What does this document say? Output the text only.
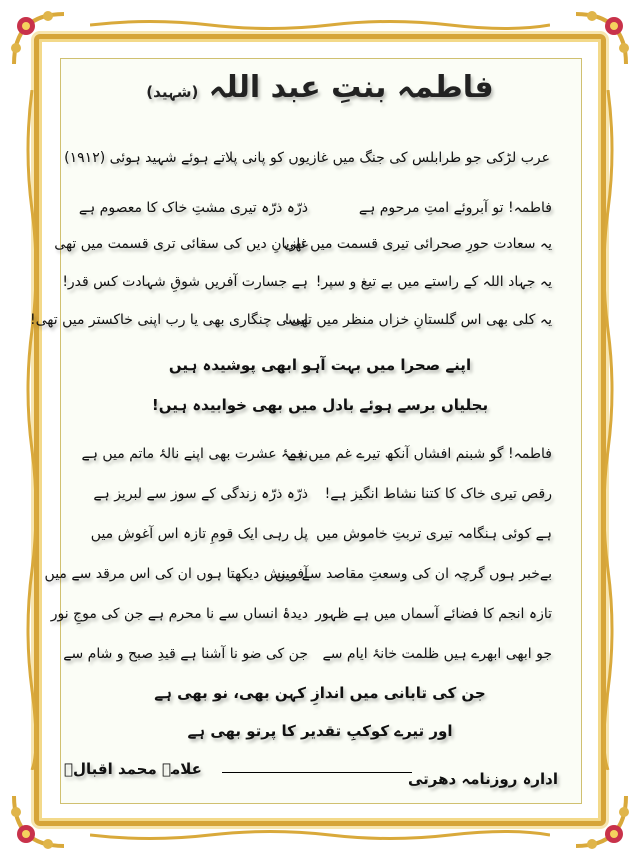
فاطمہ بنتِ عبد اللہ (شہید)
عرب لڑکی جو طرابلس کی جنگ میں غازیوں کو پانی پلاتے ہوئے شہید ہوئی (۱۹۱۲)
فاطمہ! تو آبروئے امتِ مرحوم ہے
ذرّہ ذرّہ تیری مشتِ خاک کا معصوم ہے
یہ سعادت حورِ صحرائی تیری قسمت میں تھی
غازیانِ دیں کی سقائی تری قسمت میں تھی
یہ جہاد اللہ کے راستے میں بے تیغ و سپر!
ہے جسارت آفریں شوقِ شہادت کس قدر!
یہ کلی بھی اس گلستانِ خزاں منظر میں تھی!
ایسی چنگاری بھی یا رب اپنی خاکستر میں تھی!
اپنے صحرا میں بہت آہو ابھی پوشیدہ ہیں
بجلیاں برسے ہوئے بادل میں بھی خوابیدہ ہیں!
فاطمہ! گو شبنم افشاں آنکھ تیرے غم میں ہے
نغمۂ عشرت بھی اپنے نالۂ ماتم میں ہے
رقص تیری خاک کا کتنا نشاط انگیز ہے!
ذرّہ ذرّہ زندگی کے سوز سے لبریز ہے
ہے کوئی ہنگامہ تیری تربتِ خاموش میں
پل رہی ایک قومِ تازہ اس آغوش میں
بےخبر ہوں گرچہ ان کی وسعتِ مقاصد سے میں
آفرینش دیکھتا ہوں ان کی اس مرقد سے میں
تازہ انجم کا فضائے آسماں میں ہے ظہور
دیدۂ انساں سے نا محرم ہے جن کی موجِ نور
جو ابھی ابھرے ہیں ظلمت خانۂ ایام سے
جن کی ضو نا آشنا ہے قیدِ صبح و شام سے
جن کی تابانی میں اندازِ کہن بھی، نو بھی ہے
اور تیرے کوکبِ تقدیر کا پرتو بھی ہے
علامہ محمد اقبالؒ
ادارہ روزنامہ دھرتی
